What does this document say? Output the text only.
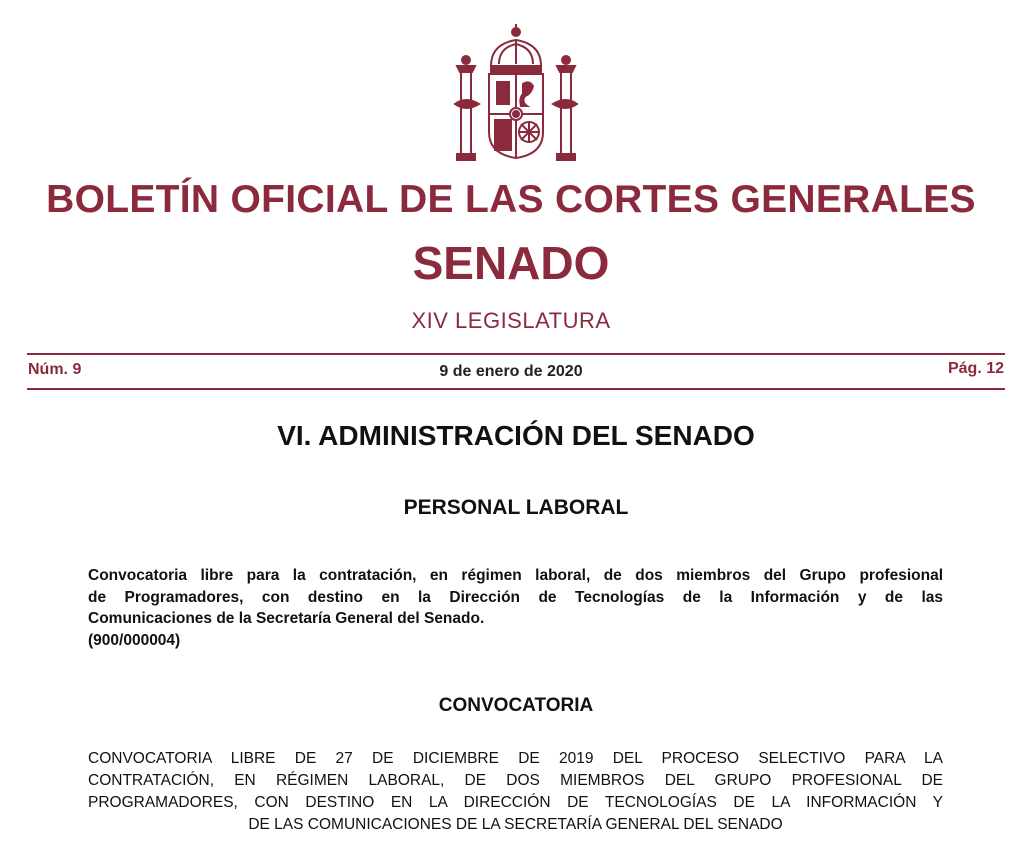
BOLETÍN OFICIAL DE LAS CORTES GENERALES
SENADO
XIV LEGISLATURA
Núm. 9	9 de enero de 2020	Pág. 12
VI. ADMINISTRACIÓN DEL SENADO
PERSONAL LABORAL
Convocatoria libre para la contratación, en régimen laboral, de dos miembros del Grupo profesional
de Programadores, con destino en la Dirección de Tecnologías de la Información y de las
Comunicaciones de la Secretaría General del Senado.
(900/000004)
CONVOCATORIA
CONVOCATORIA LIBRE DE 27 DE DICIEMBRE DE 2019 DEL PROCESO SELECTIVO PARA LA
CONTRATACIÓN, EN RÉGIMEN LABORAL, DE DOS MIEMBROS DEL GRUPO PROFESIONAL DE
PROGRAMADORES, CON DESTINO EN LA DIRECCIÓN DE TECNOLOGÍAS DE LA INFORMACIÓN Y
DE LAS COMUNICACIONES DE LA SECRETARÍA GENERAL DEL SENADO
